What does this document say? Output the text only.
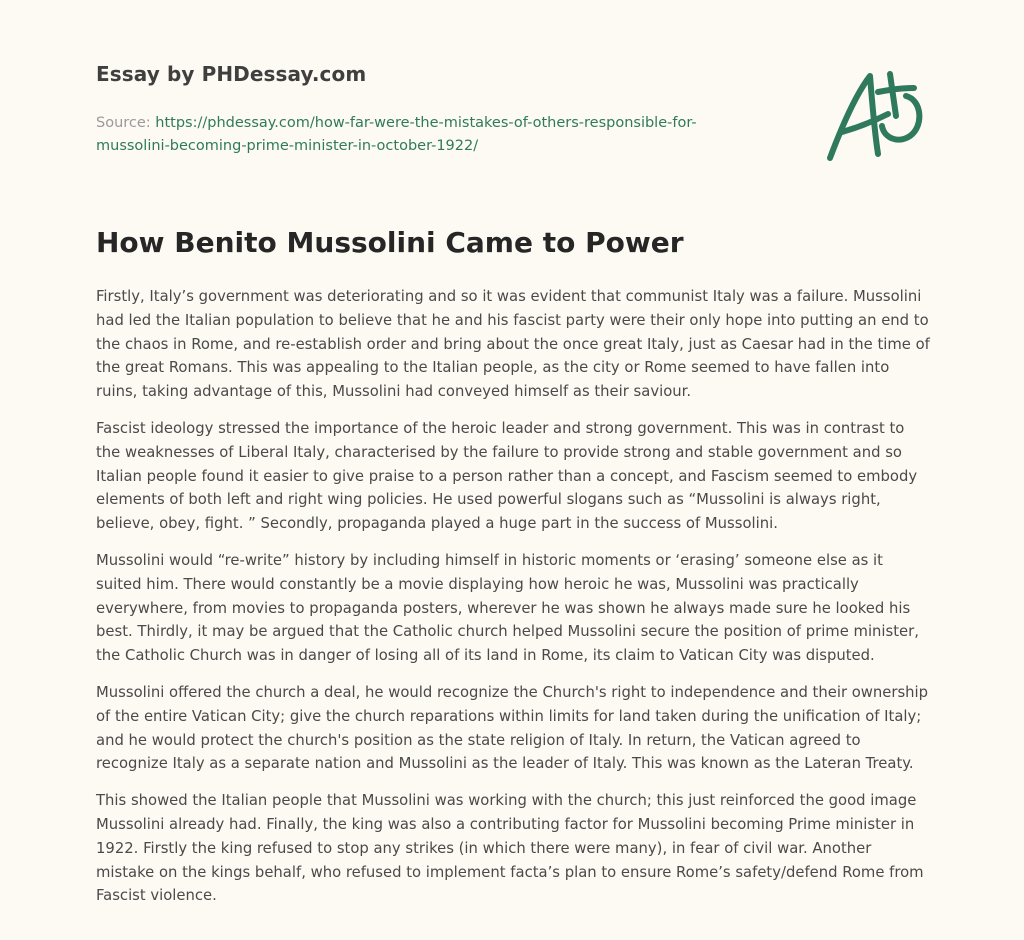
Essay by PHDessay.com
Source: https://phdessay.com/how-far-were-the-mistakes-of-others-responsible-for-mussolini-becoming-prime-minister-in-october-1922/
How Benito Mussolini Came to Power

Firstly, Italy’s government was deteriorating and so it was evident that communist Italy was a failure. Mussolini had led the Italian population to believe that he and his fascist party were their only hope into putting an end to the chaos in Rome, and re-establish order and bring about the once great Italy, just as Caesar had in the time of the great Romans. This was appealing to the Italian people, as the city or Rome seemed to have fallen into ruins, taking advantage of this, Mussolini had conveyed himself as their saviour.

Fascist ideology stressed the importance of the heroic leader and strong government. This was in contrast to the weaknesses of Liberal Italy, characterised by the failure to provide strong and stable government and so Italian people found it easier to give praise to a person rather than a concept, and Fascism seemed to embody elements of both left and right wing policies. He used powerful slogans such as “Mussolini is always right, believe, obey, fight. ” Secondly, propaganda played a huge part in the success of Mussolini.

Mussolini would “re-write” history by including himself in historic moments or ‘erasing’ someone else as it suited him. There would constantly be a movie displaying how heroic he was, Mussolini was practically everywhere, from movies to propaganda posters, wherever he was shown he always made sure he looked his best. Thirdly, it may be argued that the Catholic church helped Mussolini secure the position of prime minister, the Catholic Church was in danger of losing all of its land in Rome, its claim to Vatican City was disputed.

Mussolini offered the church a deal, he would recognize the Church's right to independence and their ownership of the entire Vatican City; give the church reparations within limits for land taken during the unification of Italy; and he would protect the church's position as the state religion of Italy. In return, the Vatican agreed to recognize Italy as a separate nation and Mussolini as the leader of Italy. This was known as the Lateran Treaty.

This showed the Italian people that Mussolini was working with the church; this just reinforced the good image Mussolini already had. Finally, the king was also a contributing factor for Mussolini becoming Prime minister in 1922. Firstly the king refused to stop any strikes (in which there were many), in fear of civil war. Another mistake on the kings behalf, who refused to implement facta’s plan to ensure Rome’s safety/defend Rome from Fascist violence.
